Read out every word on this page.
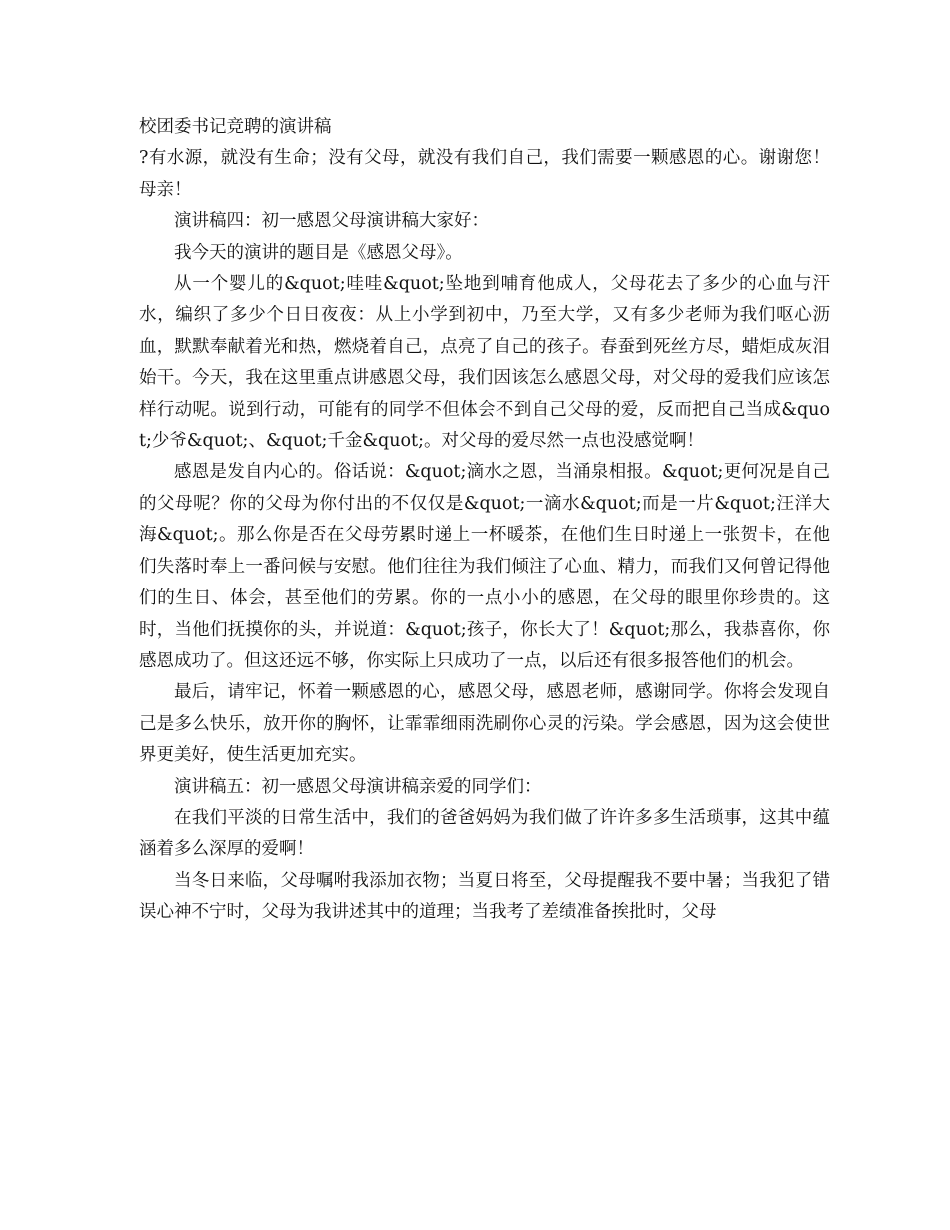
校团委书记竞聘的演讲稿

?有水源，就没有生命；没有父母，就没有我们自己，我们需要一颗感恩的心。谢谢您！母亲！

演讲稿四：初一感恩父母演讲稿大家好：

我今天的演讲的题目是《感恩父母》。

从一个婴儿的&quot;哇哇&quot;坠地到哺育他成人，父母花去了多少的心血与汗水，编织了多少个日日夜夜：从上小学到初中，乃至大学，又有多少老师为我们呕心沥血，默默奉献着光和热，燃烧着自己，点亮了自己的孩子。春蚕到死丝方尽，蜡炬成灰泪始干。今天，我在这里重点讲感恩父母，我们因该怎么感恩父母，对父母的爱我们应该怎样行动呢。说到行动，可能有的同学不但体会不到自己父母的爱，反而把自己当成&quot;少爷&quot;、&quot;千金&quot;。对父母的爱尽然一点也没感觉啊！

感恩是发自内心的。俗话说：&quot;滴水之恩，当涌泉相报。&quot;更何况是自己的父母呢？你的父母为你付出的不仅仅是&quot;一滴水&quot;而是一片&quot;汪洋大海&quot;。那么你是否在父母劳累时递上一杯暖茶，在他们生日时递上一张贺卡，在他们失落时奉上一番问候与安慰。他们往往为我们倾注了心血、精力，而我们又何曾记得他们的生日、体会，甚至他们的劳累。你的一点小小的感恩，在父母的眼里你珍贵的。这时，当他们抚摸你的头，并说道：&quot;孩子，你长大了！&quot;那么，我恭喜你，你感恩成功了。但这还远不够，你实际上只成功了一点，以后还有很多报答他们的机会。

最后，请牢记，怀着一颗感恩的心，感恩父母，感恩老师，感谢同学。你将会发现自己是多么快乐，放开你的胸怀，让霏霏细雨洗刷你心灵的污染。学会感恩，因为这会使世界更美好，使生活更加充实。

演讲稿五：初一感恩父母演讲稿亲爱的同学们：

在我们平淡的日常生活中，我们的爸爸妈妈为我们做了许许多多生活琐事，这其中蕴涵着多么深厚的爱啊！

当冬日来临，父母嘱咐我添加衣物；当夏日将至，父母提醒我不要中暑；当我犯了错误心神不宁时，父母为我讲述其中的道理；当我考了差绩准备挨批时，父母
